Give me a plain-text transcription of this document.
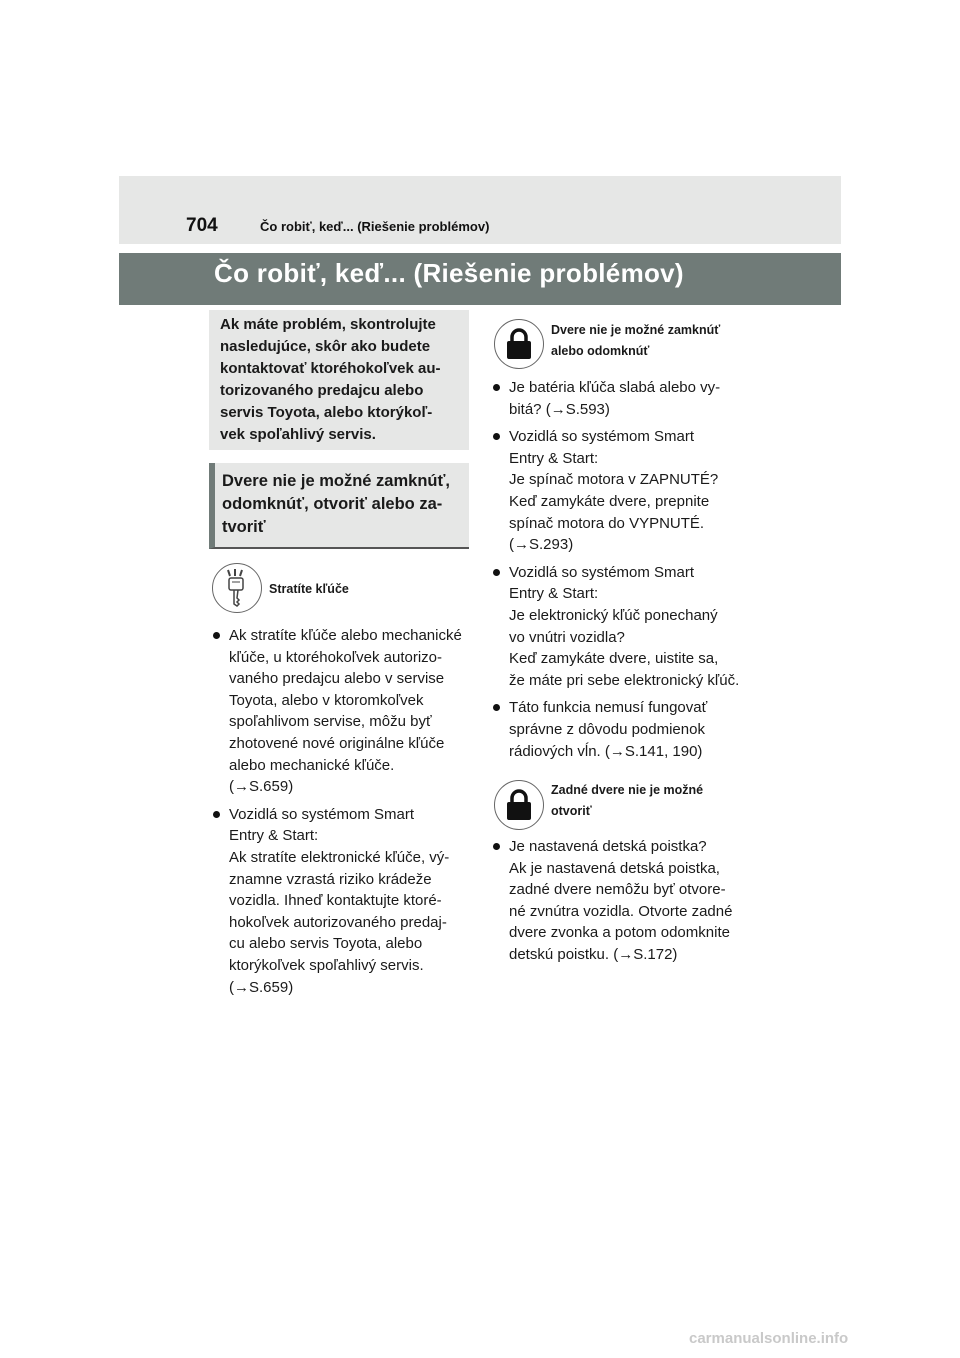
704	Čo robiť, keď... (Riešenie problémov)
Čo robiť, keď... (Riešenie problémov)

Ak máte problém, skontrolujte
nasledujúce, skôr ako budete
kontaktovať ktoréhokoľvek au-
torizovaného predajcu alebo
servis Toyota, alebo ktorýkoľ-
vek spoľahlivý servis.

Dvere nie je možné zamknúť,
odomknúť, otvoriť alebo za-
tvoriť

Stratíte kľúče

Ak stratíte kľúče alebo mechanické
kľúče, u ktoréhokoľvek autorizo-
vaného predajcu alebo v servise
Toyota, alebo v ktoromkoľvek
spoľahlivom servise, môžu byť
zhotovené nové originálne kľúče
alebo mechanické kľúče.
(→S.659)
Vozidlá so systémom Smart
Entry & Start:
Ak stratíte elektronické kľúče, vý-
znamne vzrastá riziko krádeže
vozidla. Ihneď kontaktujte ktoré-
hokoľvek autorizovaného predaj-
cu alebo servis Toyota, alebo
ktorýkoľvek spoľahlivý servis.
(→S.659)

Dvere nie je možné zamknúť
alebo odomknúť

Je batéria kľúča slabá alebo vy-
bitá? (→S.593)
Vozidlá so systémom Smart
Entry & Start:
Je spínač motora v ZAPNUTÉ?
Keď zamykáte dvere, prepnite
spínač motora do VYPNUTÉ.
(→S.293)
Vozidlá so systémom Smart
Entry & Start:
Je elektronický kľúč ponechaný
vo vnútri vozidla?
Keď zamykáte dvere, uistite sa,
že máte pri sebe elektronický kľúč.
Táto funkcia nemusí fungovať
správne z dôvodu podmienok
rádiových vĺn. (→S.141, 190)

Zadné dvere nie je možné
otvoriť

Je nastavená detská poistka?
Ak je nastavená detská poistka,
zadné dvere nemôžu byť otvore-
né zvnútra vozidla. Otvorte zadné
dvere zvonka a potom odomknite
detskú poistku. (→S.172)
carmanualsonline.info
